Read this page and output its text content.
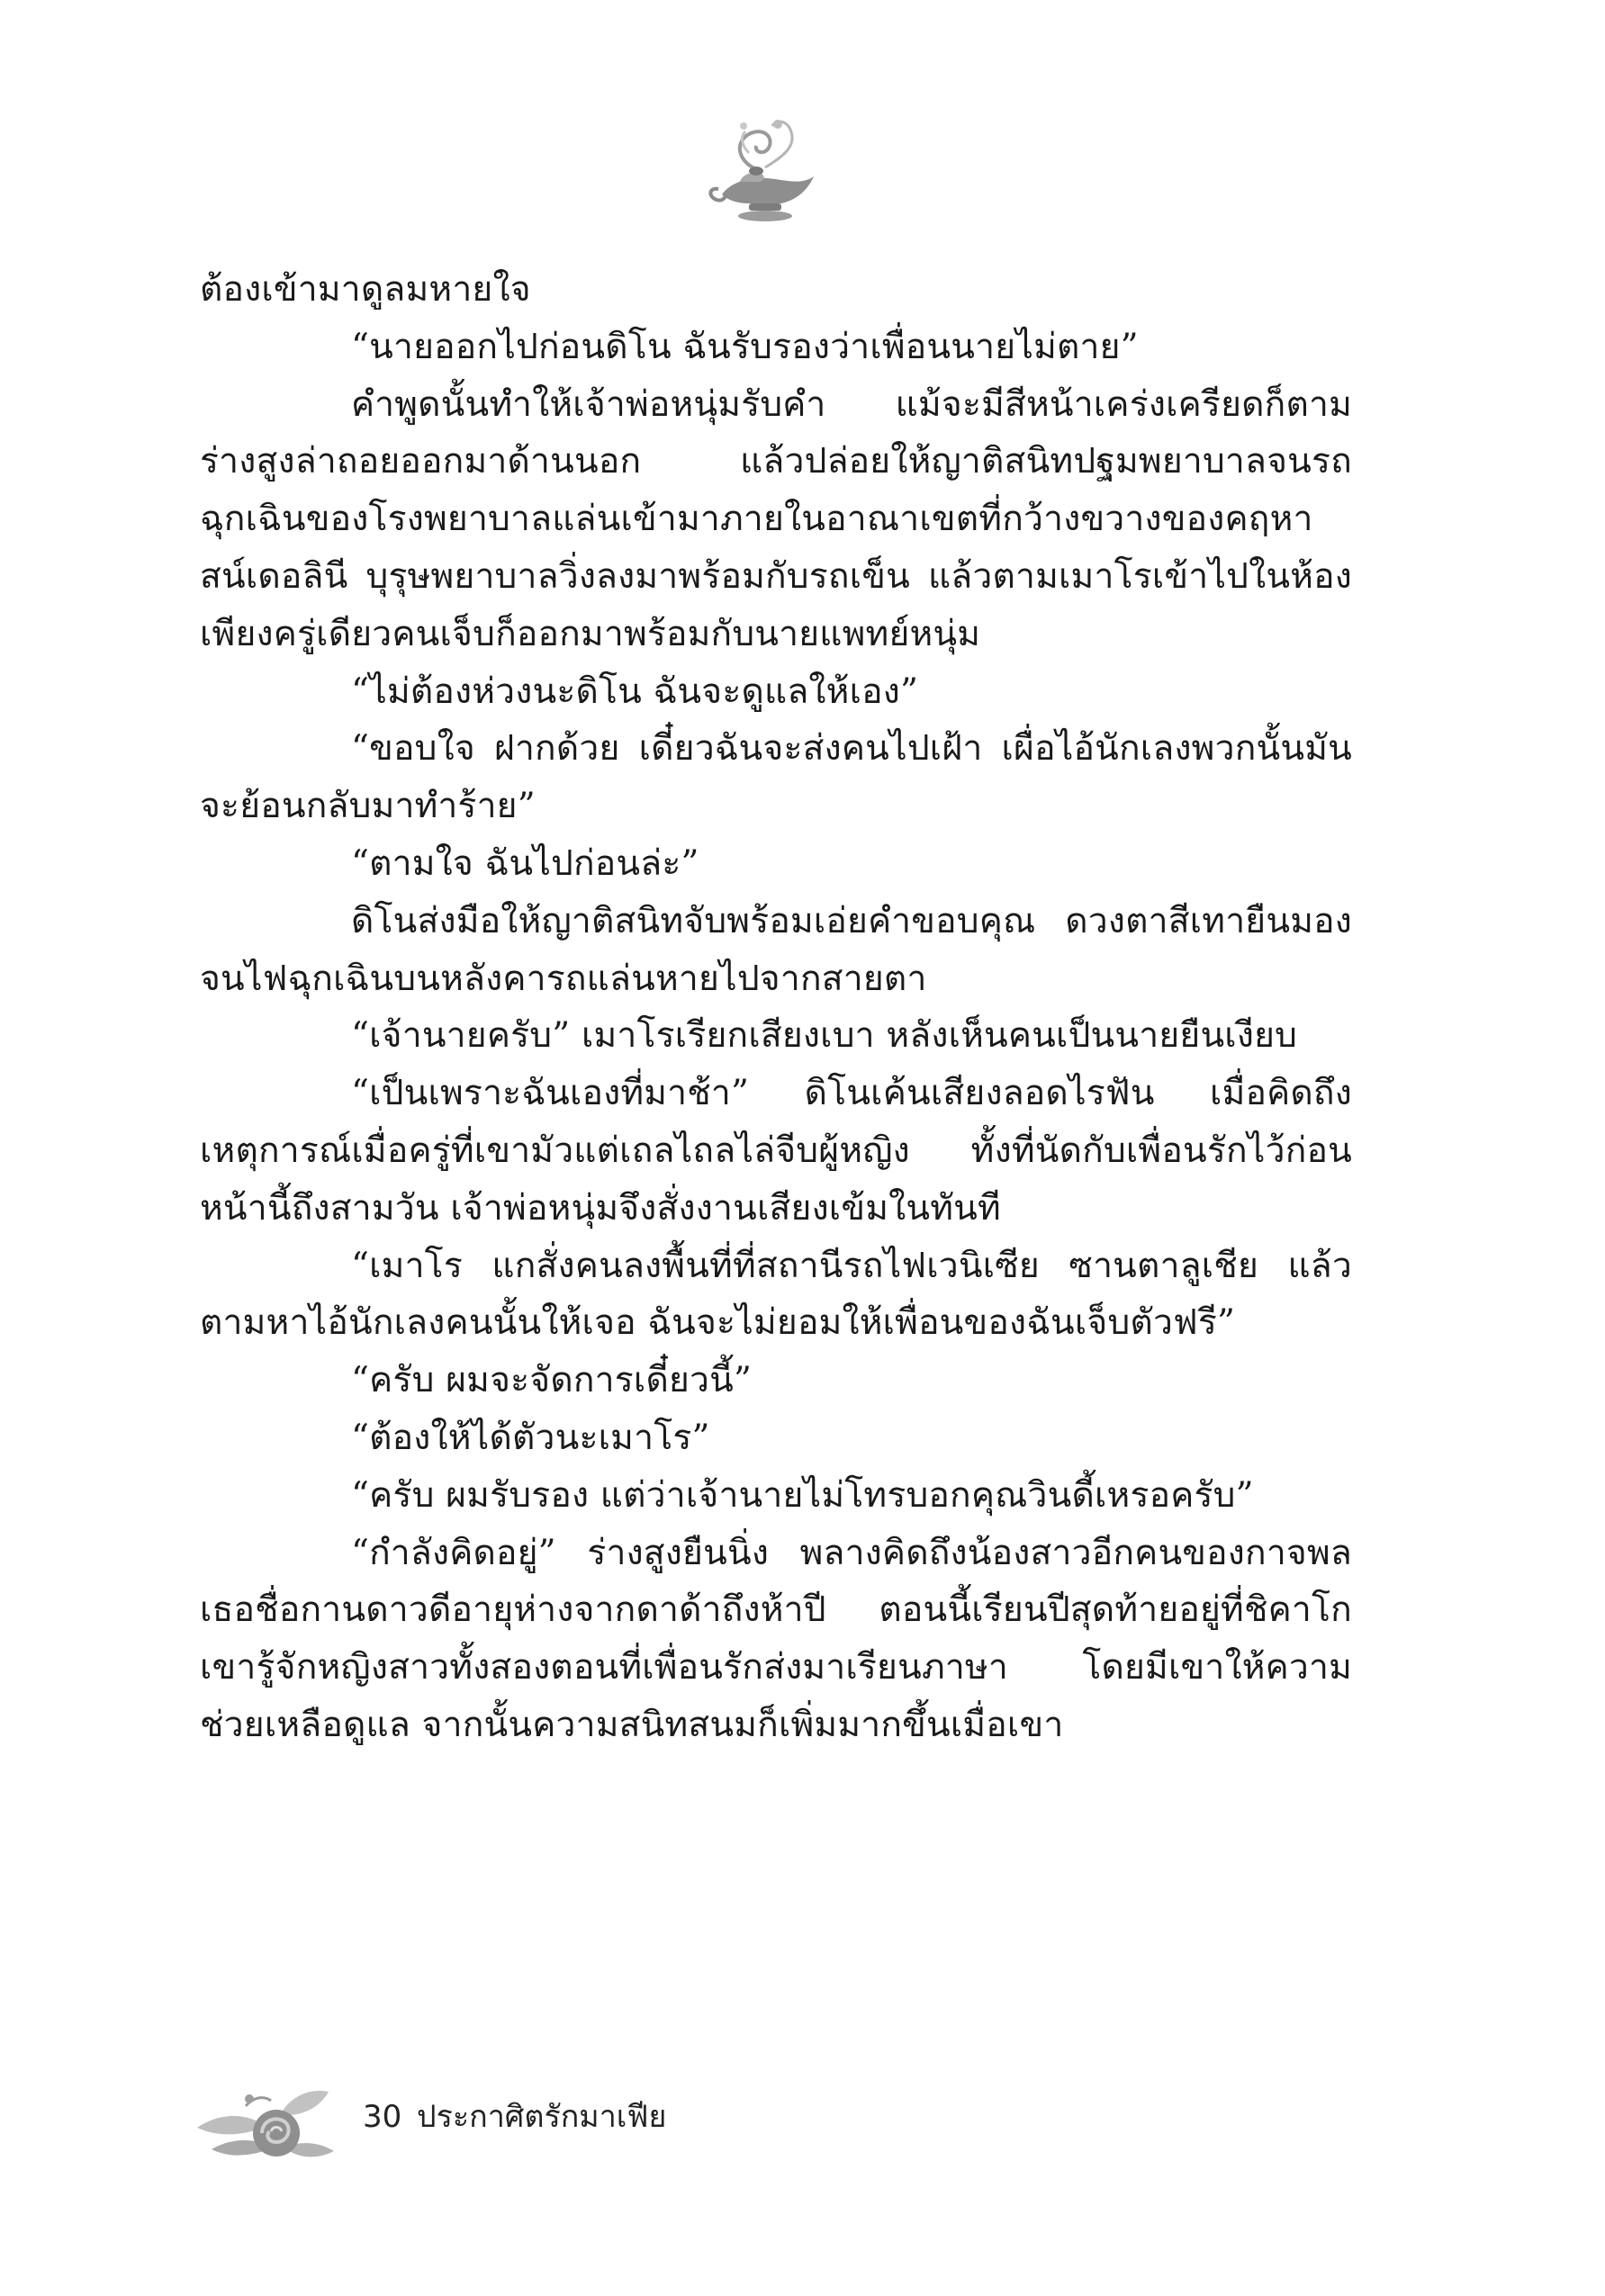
ต้องเข้ามาดูลมหายใจ

“นายออกไปก่อนดิโน ฉันรับรองว่าเพื่อนนายไม่ตาย”

คำพูดนั้นทำให้เจ้าพ่อหนุ่มรับคำ แม้จะมีสีหน้าเคร่งเครียดก็ตาม ร่างสูงล่าถอยออกมาด้านนอก แล้วปล่อยให้ญาติสนิทปฐมพยาบาลจนรถฉุกเฉินของโรงพยาบาลแล่นเข้ามาภายในอาณาเขตที่กว้างขวางของคฤหาสน์เดอลินี บุรุษพยาบาลวิ่งลงมาพร้อมกับรถเข็น แล้วตามเมาโรเข้าไปในห้อง เพียงครู่เดียวคนเจ็บก็ออกมาพร้อมกับนายแพทย์หนุ่ม

“ไม่ต้องห่วงนะดิโน ฉันจะดูแลให้เอง”

“ขอบใจ ฝากด้วย เดี๋ยวฉันจะส่งคนไปเฝ้า เผื่อไอ้นักเลงพวกนั้นมันจะย้อนกลับมาทำร้าย”

“ตามใจ ฉันไปก่อนล่ะ”

ดิโนส่งมือให้ญาติสนิทจับพร้อมเอ่ยคำขอบคุณ ดวงตาสีเทายืนมองจนไฟฉุกเฉินบนหลังคารถแล่นหายไปจากสายตา

“เจ้านายครับ” เมาโรเรียกเสียงเบา หลังเห็นคนเป็นนายยืนเงียบ

“เป็นเพราะฉันเองที่มาช้า” ดิโนเค้นเสียงลอดไรฟัน เมื่อคิดถึงเหตุการณ์เมื่อครู่ที่เขามัวแต่เถลไถลไล่จีบผู้หญิง ทั้งที่นัดกับเพื่อนรักไว้ก่อนหน้านี้ถึงสามวัน เจ้าพ่อหนุ่มจึงสั่งงานเสียงเข้มในทันที

“เมาโร แกสั่งคนลงพื้นที่ที่สถานีรถไฟเวนิเซีย ซานตาลูเชีย แล้วตามหาไอ้นักเลงคนนั้นให้เจอ ฉันจะไม่ยอมให้เพื่อนของฉันเจ็บตัวฟรี”

“ครับ ผมจะจัดการเดี๋ยวนี้”

“ต้องให้ได้ตัวนะเมาโร”

“ครับ ผมรับรอง แต่ว่าเจ้านายไม่โทรบอกคุณวินดี้เหรอครับ”

“กำลังคิดอยู่” ร่างสูงยืนนิ่ง พลางคิดถึงน้องสาวอีกคนของกาจพล เธอชื่อกานดาวดีอายุห่างจากดาด้าถึงห้าปี ตอนนี้เรียนปีสุดท้ายอยู่ที่ชิคาโก เขารู้จักหญิงสาวทั้งสองตอนที่เพื่อนรักส่งมาเรียนภาษา โดยมีเขาให้ความช่วยเหลือดูแล จากนั้นความสนิทสนมก็เพิ่มมากขึ้นเมื่อเขา

30 ประกาศิตรักมาเฟีย
